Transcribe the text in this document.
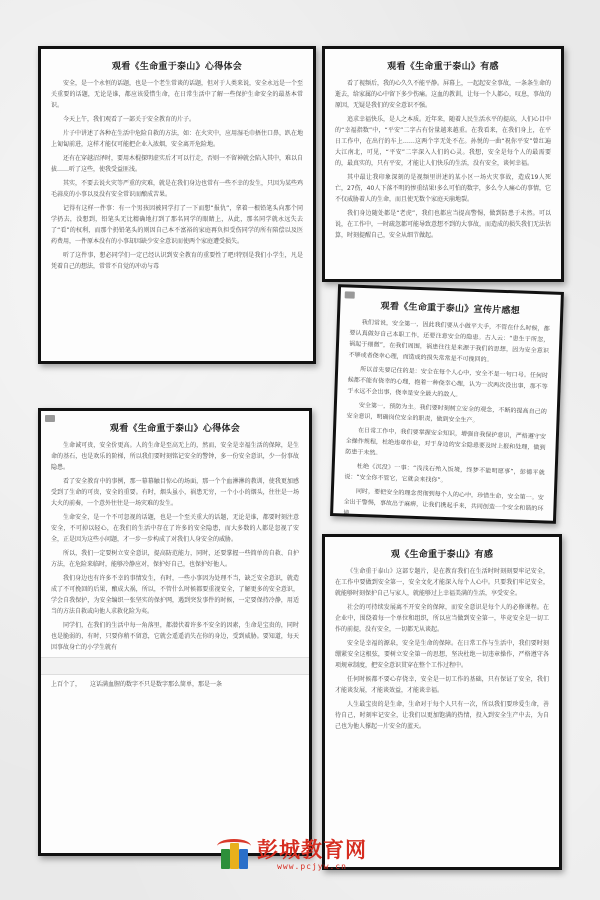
观看《生命重于泰山》心得体会

安全，是一个永恒的话题，也是一个老生常谈的话题，但对于人类来说，安全永远是一个至关重要的话题，无论是谁，都应该爱惜生命，在日常生活中了解一些保护生命安全的最基本常识。

今天上午，我们观看了一部关于安全教育的片子。

片子中讲述了各种在生活中危险自救的方法，如：在火灾中，应用湿毛巾捂住口鼻，趴在地上匍匐前进，这样才能仅可能把企业入浓烟，安全离开危险地。

还有在穿越沼泽时，要用木棍探明虚实后才可以行走，否则一不留神就会陷入其中，难以自拔……听了这些，使我受益匪浅。

其实，不要去说火灾等严重的灾难，就是在我们身边也常有一些不幸的发生，只因为某些鸡毛蒜皮的小事以及没有安全常识而酿成苦果。

记得有这样一件事：有一个男孩因被同学打了一下而想“报仇”，拿着一根铅笔头向那个同学扔去，没想到，铅笔头无比精确地打到了那名同学的眼睛上，从此，那名同学就永远失去了“看”的权利，而那个扔铅笔头的则因自己本不富裕的家庭再负担受伤同学的所有陪偿以及医药费用，一件原本没有的小事却因缺少安全意识而使两个家庭遭受损失。

听了这件事，想必同学们一定已经认识到安全教育的重要性了吧!特别是我们小学生，凡是凭着自己的想法，常常不自觉的冲动与毒

观看《生命重于泰山》有感

看了视频后，我的心久久不能平静。屏幕上，一起起安全事故，一条条生命的逝去，给家属的心中留下多少伤痛。这血的教训，让每一个人都心，叹息，事故的原因，无疑是我们的安全意识不强。

追求幸福快乐，是人之本质。近年来，随着人民生活水平的提高，人们心目中的“幸福指数”中，“平安”二字占有份量越来越重。在我看来，在我们身上，在平日工作中，在出行的车上……这两个字无处不在。孙悦的一曲“祝你平安”曾红遍大江南北，可见，“平安”二字深入人们的心灵。我想，安全是每个人的最需要的，最真实的，只有平安，才能让人们快乐的生活，没有安全，谈何幸福。

其中最让我印象深刻的是视频里讲述的某小区一场火灾事故，造成19人死亡，27伤，40人下落不明的惨重结果!多么可怕的数字，多么令人痛心的事情，它不仅威胁着人的生命，而且使无数个家庭天崩地裂。

我们身边随处都是“老虎”，我们也都应当提高警惕，做到防患于未然。可以说，在工作中，一时疏忽都可能导致意想不到的大事故，而造成的损失我们无法估算，时刻提醒自己，安全从细节做起。

观看《生命重于泰山》宣传片感想

我们常说，安全第一，因此我们要从小做平大手，不管在什么时候，都要认真做好自己本职工作，还要注意安全的隐患。古人云：“患生于所忽，祸起于细微”，在我们周围，祸患往往是来源于我们的思想，因为安全意识不够或者侥幸心理，而造成的损失常常是不可挽回的。

所以首先要记住的是：安全在每个人心中，安全不是一句口号。任何时候都不能有侥幸的心理，抱着一种侥幸心理，认为一次两次没出事，那不等于永远不会出事，侥幸是安全最大的敌人。

安全第一，预防为主。我们要时刻树立安全的观念，不断的提高自己的安全意识，明确岗位安全的职责，做到安全生产。

在日常工作中，我们要掌握安全知识，增强自我保护意识，严格遵守安全操作规程，杜绝违章作业，对于身边的安全隐患要及时上报和处理，做到防患于未然。

杜绝《沉没》一事：“浅浅石殆入饭境，终梦不能明愿事”，彭德平就说：“安全你不管它，它就会来找你”。

同时，要把安全的理念贯彻到每个人的心中，珍惜生命，安全第一。安全出于警惕，事故出于麻痹，让我们携起手来，共同创造一个安全和谐的环境。

观看《生命重于泰山》心得体会

生命诚可贵，安全价更高。人的生命是至高无上的，然而，安全是幸福生活的保障，是生命的基石，也是欢乐的阶梯，所以我们要时刻铭记安全的警钟，多一份安全意识，少一份事故隐患。

看了安全教育中的事例，那一幕幕触目惊心的场面，那一个个血淋淋的教训，使我更加感受到了生命的可贵，安全的重要。有时，烟头虽小，祸患无穷，一个小小的烟头，往往是一场大火的前奏，一个意外往往是一场灾难的发生。

生命安全，是一个不可忽视的话题，也是一个至关重大的话题，无论是谁，都要时刻注意安全，不可掉以轻心，在我们的生活中存在了许多的安全隐患，而大多数的人都是忽视了安全，正是因为这些小问题，才一步一步构成了对我们人身安全的威胁。

所以，我们一定要树立安全意识，提高防范能力，同时，还要掌握一些简单的自救、自护方法，在危险来临时，能够冷静应对，保护好自己，也保护好他人。

我们身边也有许多不幸的事情发生，有时，一些小事因为处理不当，缺乏安全意识，就造成了不可挽回的后果，酿成大祸，所以，不管什么时候都要重视安全，了解更多的安全意识，学会自我保护，为安全编织一张坚实的保护网，遇到突发事件的时候，一定要保持冷静，用适当的方法自救或向他人求救化险为夷。

同学们，在我们的生活中每一角落里，都潜伏着许多不安全的因素，生命是宝贵的，同时也是脆弱的，有时，只要你稍不留意，它就会遥遥消失在你的身边，受到威胁。要知道，每天因事故身亡的小学生就有

上百个了，　　这话满血腥的数字不只是数字那么简单，那是一条
观《生命重于泰山》有感

《生命重于泰山》这部专题片，是在教育我们在生活时时刻刻要牢记安全，在工作中要做到安全第一，安全文化才能深入每个人心中。只要我们牢记安全，就能够时刻保护自己与家人，就能够过上幸福美满的生活，享受安全。

社会的可持续发展离不开安全的保障，而安全意识是每个人的必修课程。在企业中，围绕着每一个单位和组织，所以应当做到安全第一，毕竟安全是一切工作的前提，没有安全，一切都无从谈起。

安全是幸福的源泉，安全是生命的保障。在日常工作与生活中，我们要时刻绷紧安全这根弦，要树立安全第一的思想，坚决杜绝一切违章操作，严格遵守各项规章制度，把安全意识贯穿在整个工作过程中。

任何时候都不要心存侥幸，安全是一切工作的基础，只有保证了安全，我们才能谈发展，才能谈效益，才能谈幸福。

人生最宝贵的是生命，生命对于每个人只有一次，所以我们要珍爱生命，善待自己，时刻牢记安全，让我们以更加饱满的热情，投入到安全生产中去，为自己也为他人撑起一片安全的蓝天。

彭城教育网
www.pcjyw.cn
